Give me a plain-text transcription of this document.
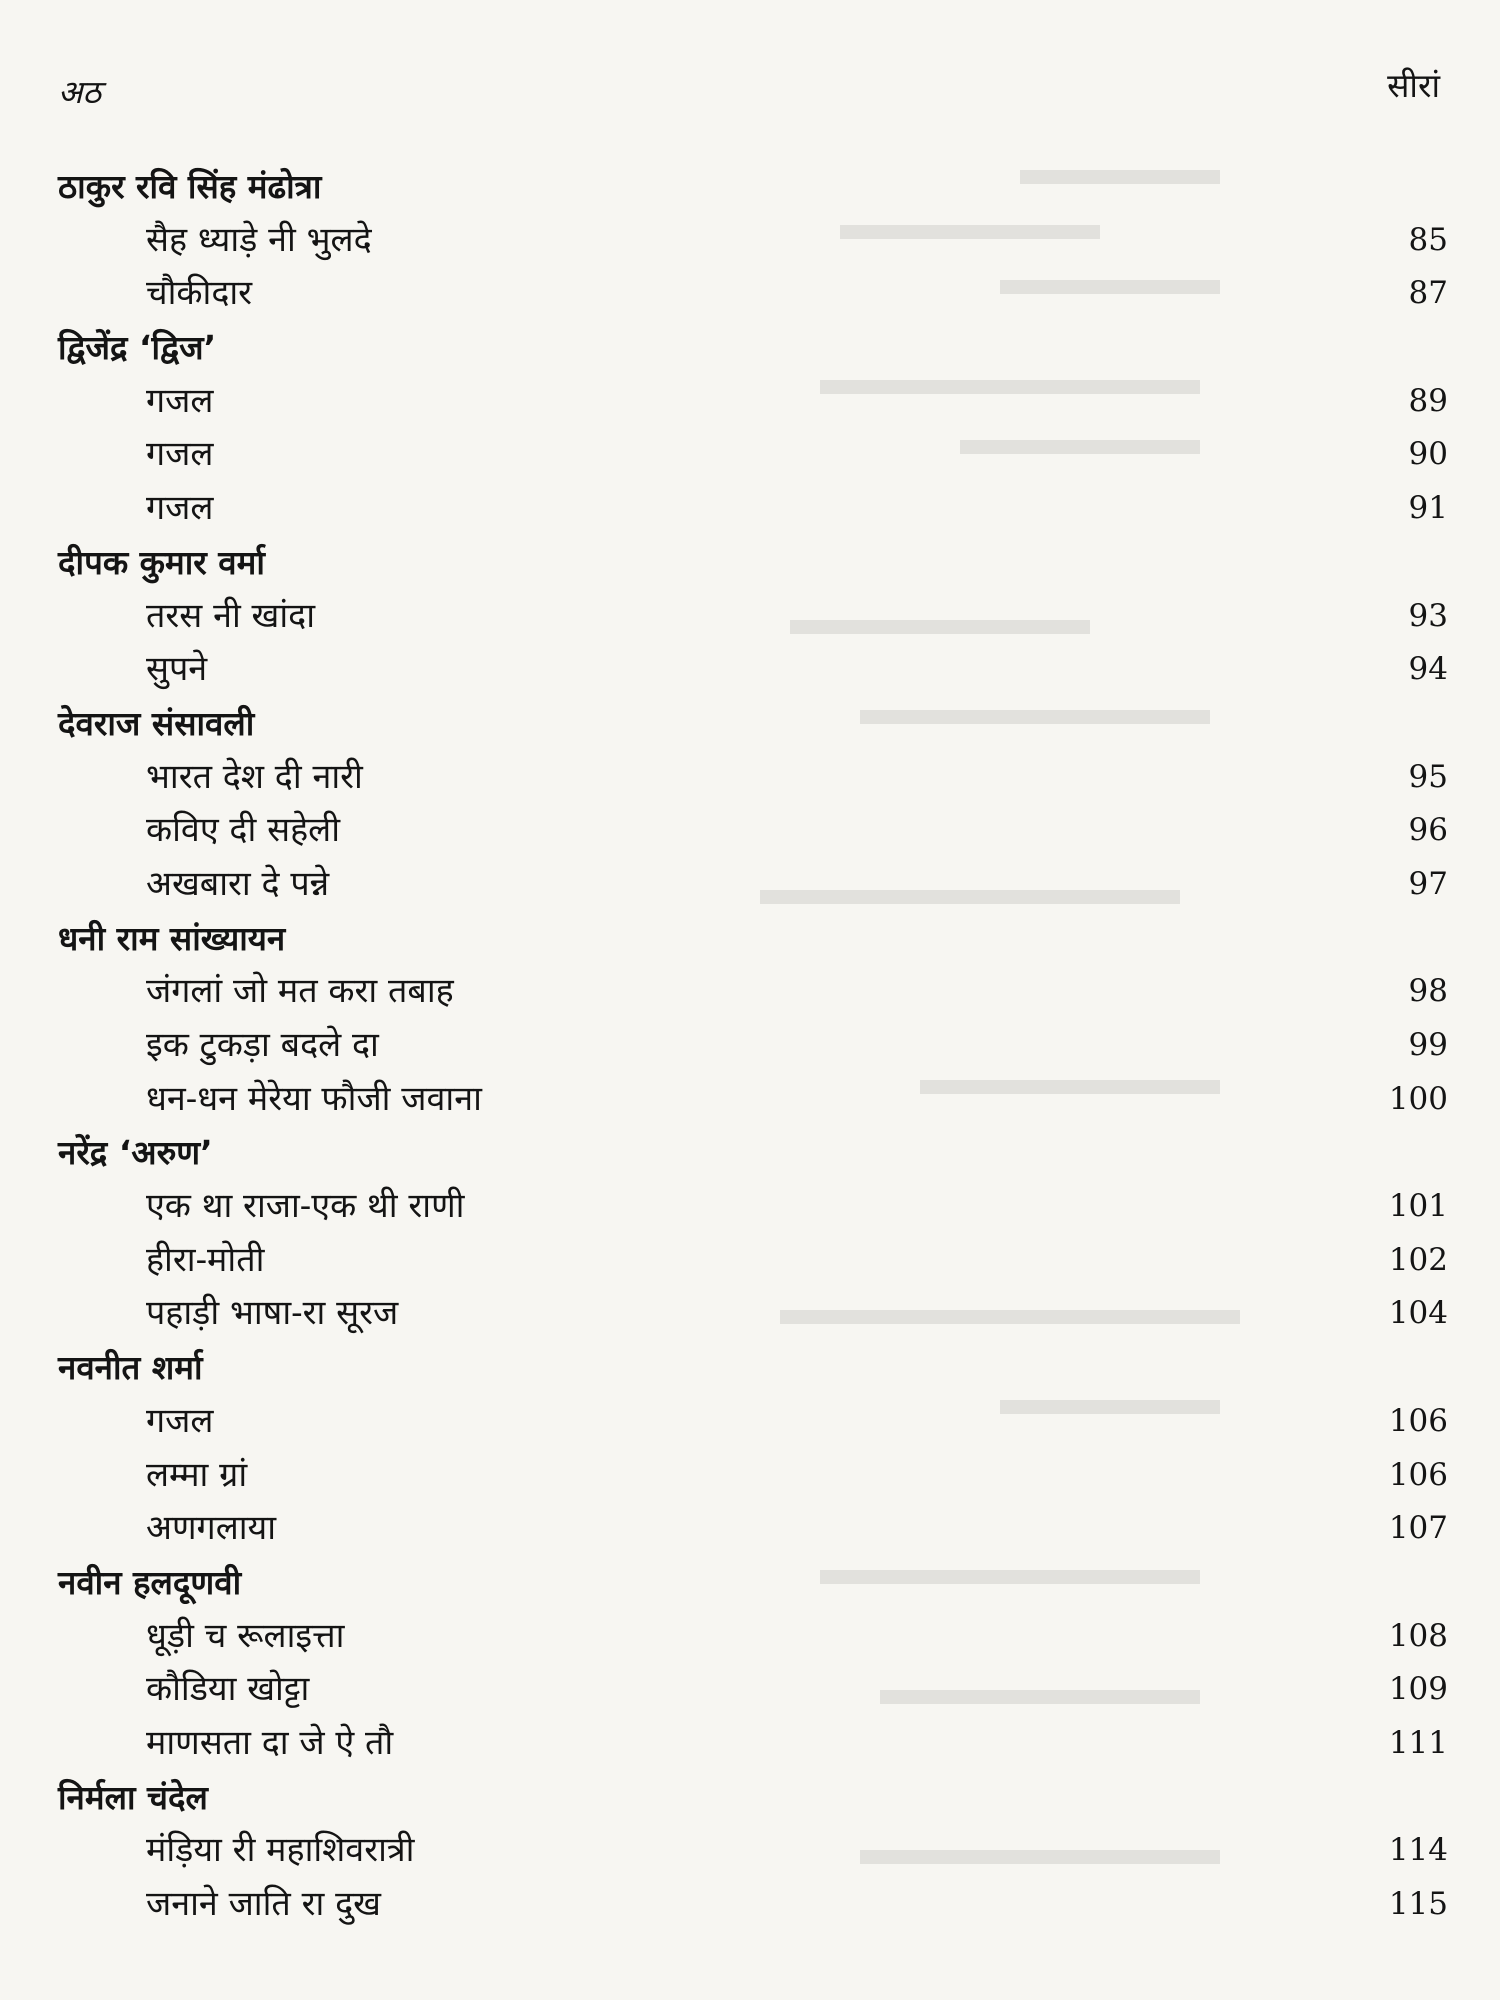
अठ	सीरां
ठाकुर रवि सिंह मंढोत्रा
सैह ध्याड़े नी भुलदे	85
चौकीदार	87
द्विजेंद्र ‘द्विज’
गजल	89
गजल	90
गजल	91
दीपक कुमार वर्मा
तरस नी खांदा	93
सुपने	94
देवराज संसावली
भारत देश दी नारी	95
कविए दी सहेली	96
अखबारा दे पन्ने	97
धनी राम सांख्यायन
जंगलां जो मत करा तबाह	98
इक टुकड़ा बदले दा	99
धन-धन मेरेया फौजी जवाना	100
नरेंद्र ‘अरुण’
एक था राजा-एक थी राणी	101
हीरा-मोती	102
पहाड़ी भाषा-रा सूरज	104
नवनीत शर्मा
गजल	106
लम्मा ग्रां	106
अणगलाया	107
नवीन हलदूणवी
धूड़ी च रूलाइत्ता	108
कौडिया खोट्टा	109
माणसता दा जे ऐ तौ	111
निर्मला चंदेल
मंड़िया री महाशिवरात्री	114
जनाने जाति रा दुख	115
